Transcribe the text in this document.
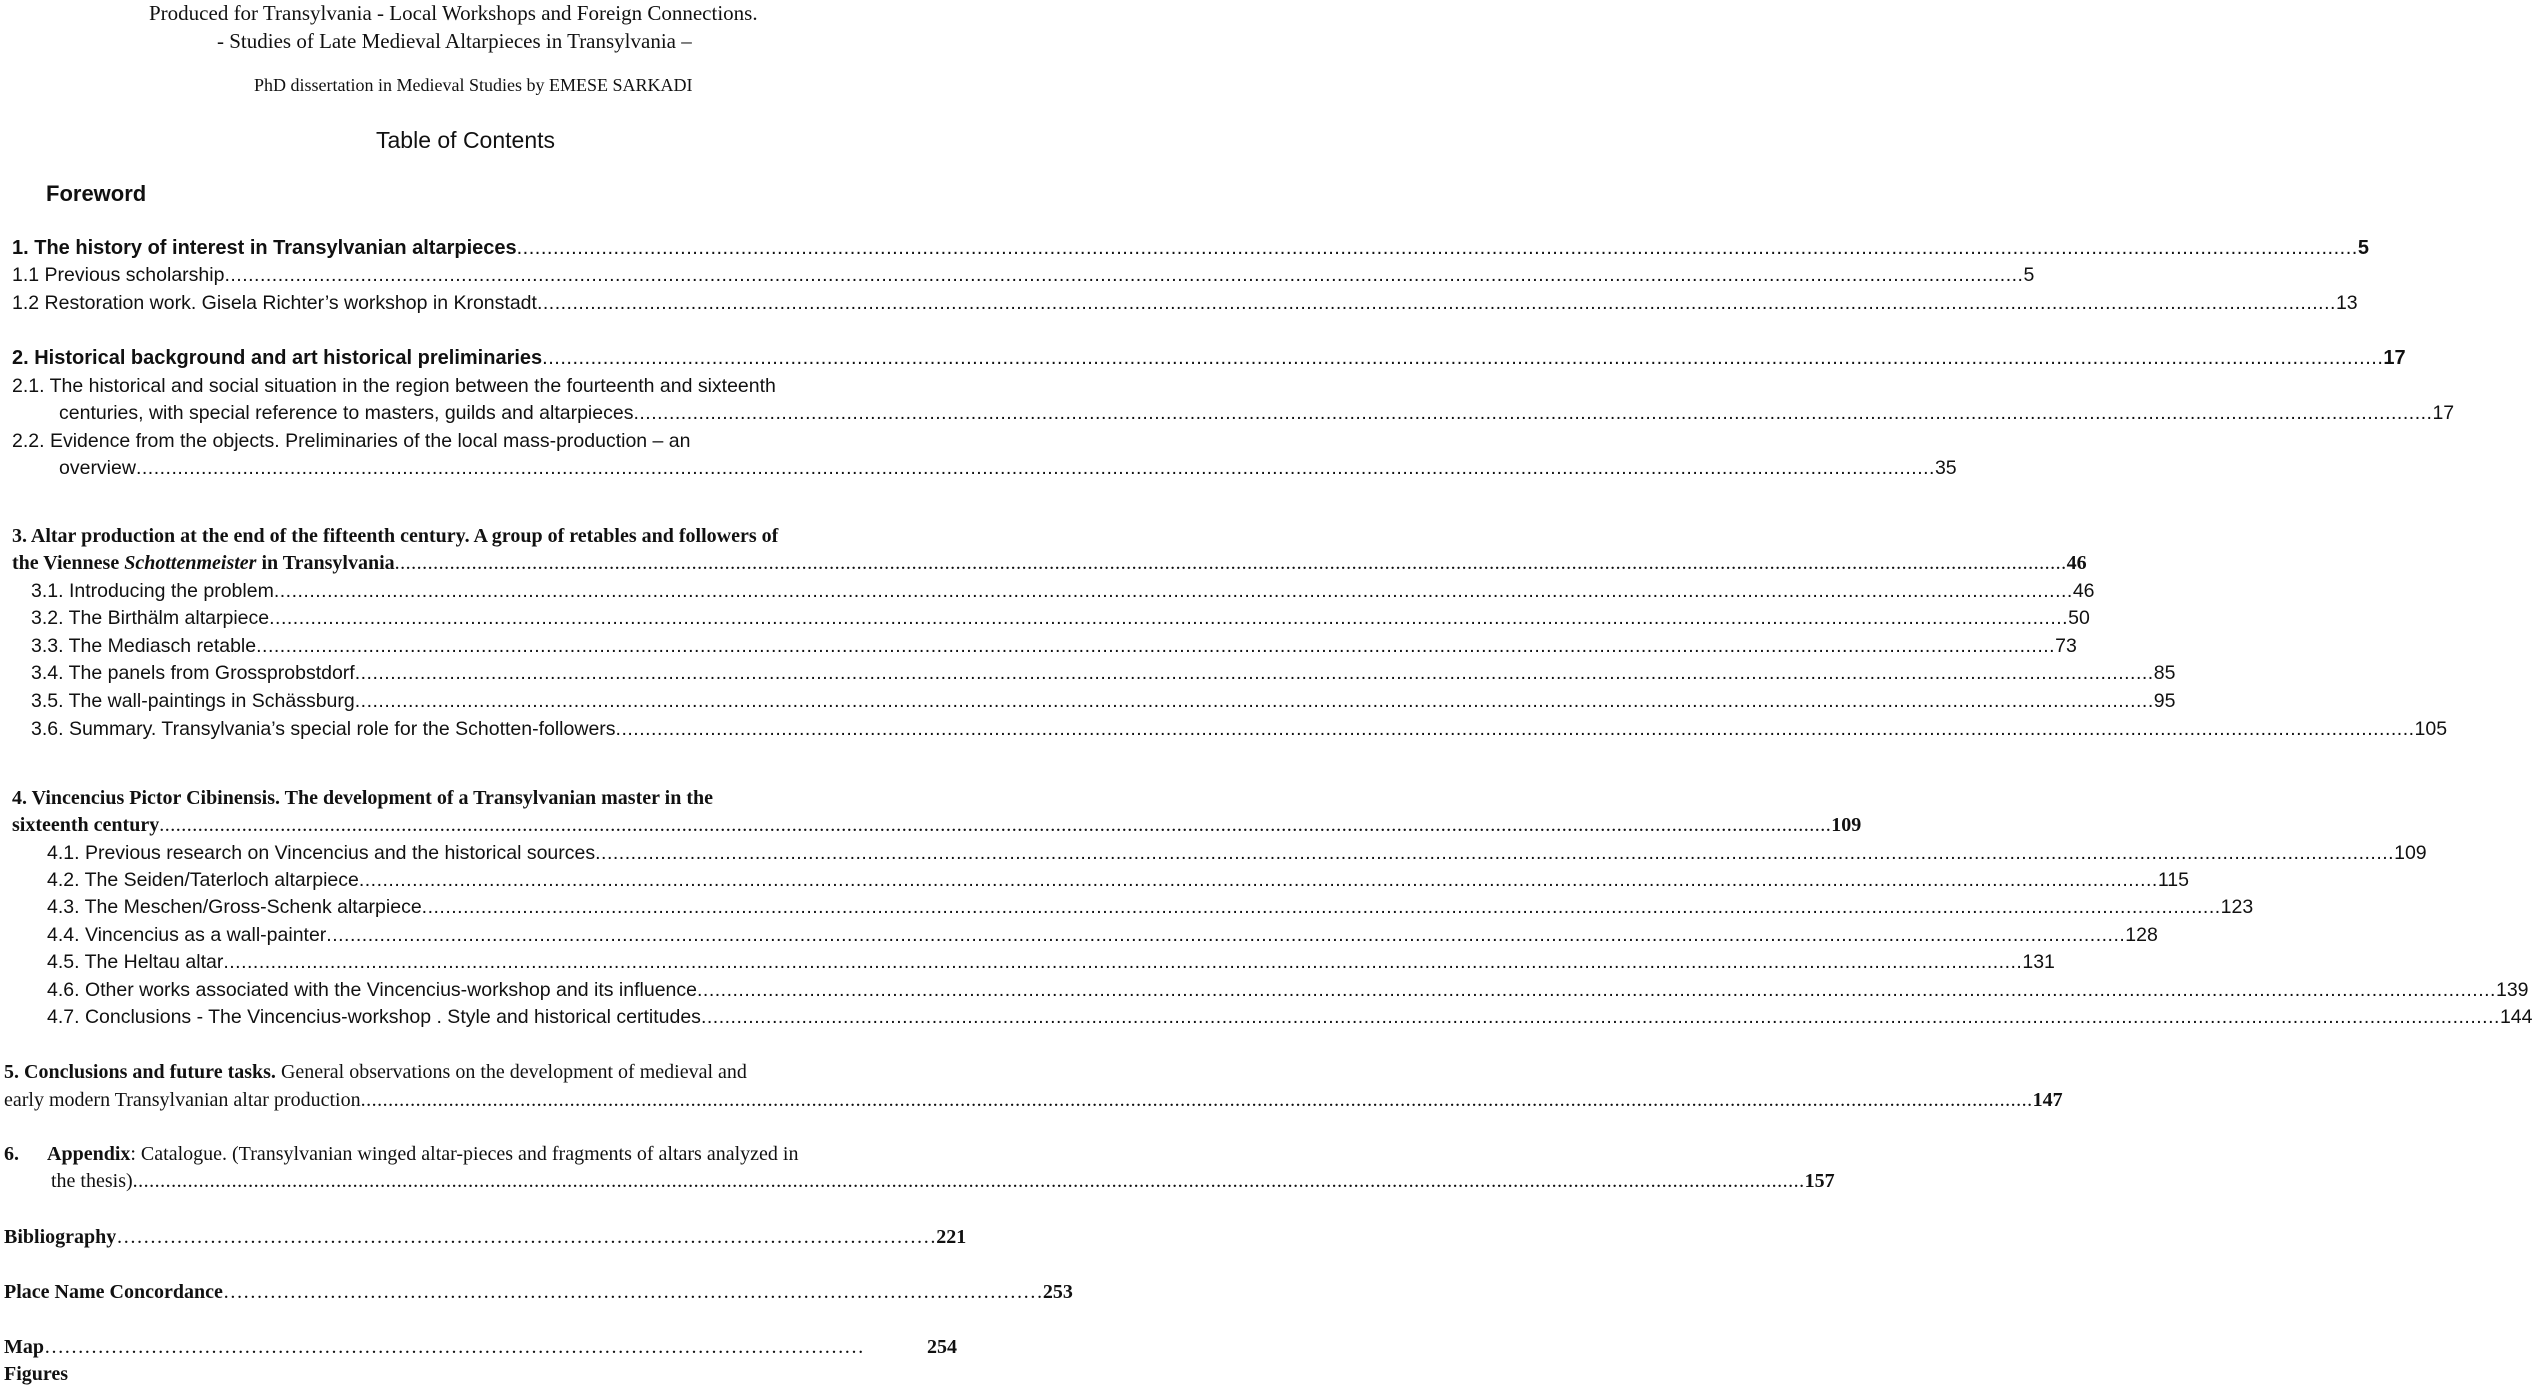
Produced for Transylvania - Local Workshops and Foreign Connections.
- Studies of Late Medieval Altarpieces in Transylvania –
PhD dissertation in Medieval Studies by EMESE SARKADI
Table of Contents
Foreword
1. The history of interest in Transylvanian altarpieces .....	5
1.1 Previous scholarship .....	5
1.2 Restoration work. Gisela Richter’s workshop in Kronstadt .....	13
2. Historical background and art historical preliminaries .....	17
2.1. The historical and social situation in the region between the fourteenth and sixteenth
centuries, with special reference to masters, guilds and altarpieces .....	17
2.2. Evidence from the objects. Preliminaries of the local mass-production – an
overview .....	35
3. Altar production at the end of the fifteenth century. A group of retables and followers of
the Viennese Schottenmeister in Transylvania .....	46
3.1. Introducing the problem .....	46
3.2. The Birthälm altarpiece .....	50
3.3. The Mediasch retable .....	73
3.4. The panels from Grossprobstdorf .....	85
3.5. The wall-paintings in Schässburg .....	95
3.6. Summary. Transylvania’s special role for the Schotten-followers .....	105
4. Vincencius Pictor Cibinensis. The development of a Transylvanian master in the
sixteenth century .....	109
4.1. Previous research on Vincencius and the historical sources .....	109
4.2. The Seiden/Taterloch altarpiece .....	115
4.3. The Meschen/Gross-Schenk altarpiece .....	123
4.4. Vincencius as a wall-painter .....	128
4.5. The Heltau altar .....	131
4.6. Other works associated with the Vincencius-workshop and its influence .....	139
4.7. Conclusions - The Vincencius-workshop . Style and historical certitudes .....	144
5. Conclusions and future tasks. General observations on the development of medieval and
early modern Transylvanian altar production .....	147
6. Appendix: Catalogue. (Transylvanian winged altar-pieces and fragments of altars analyzed in
the thesis) .....	157
Bibliography ……………………………………………………………………………………………………………	221
Place Name Concordance ……………………………………………………………………………………………………………	253
Map ……………………………………………………………………………………………………………	254
Figures
